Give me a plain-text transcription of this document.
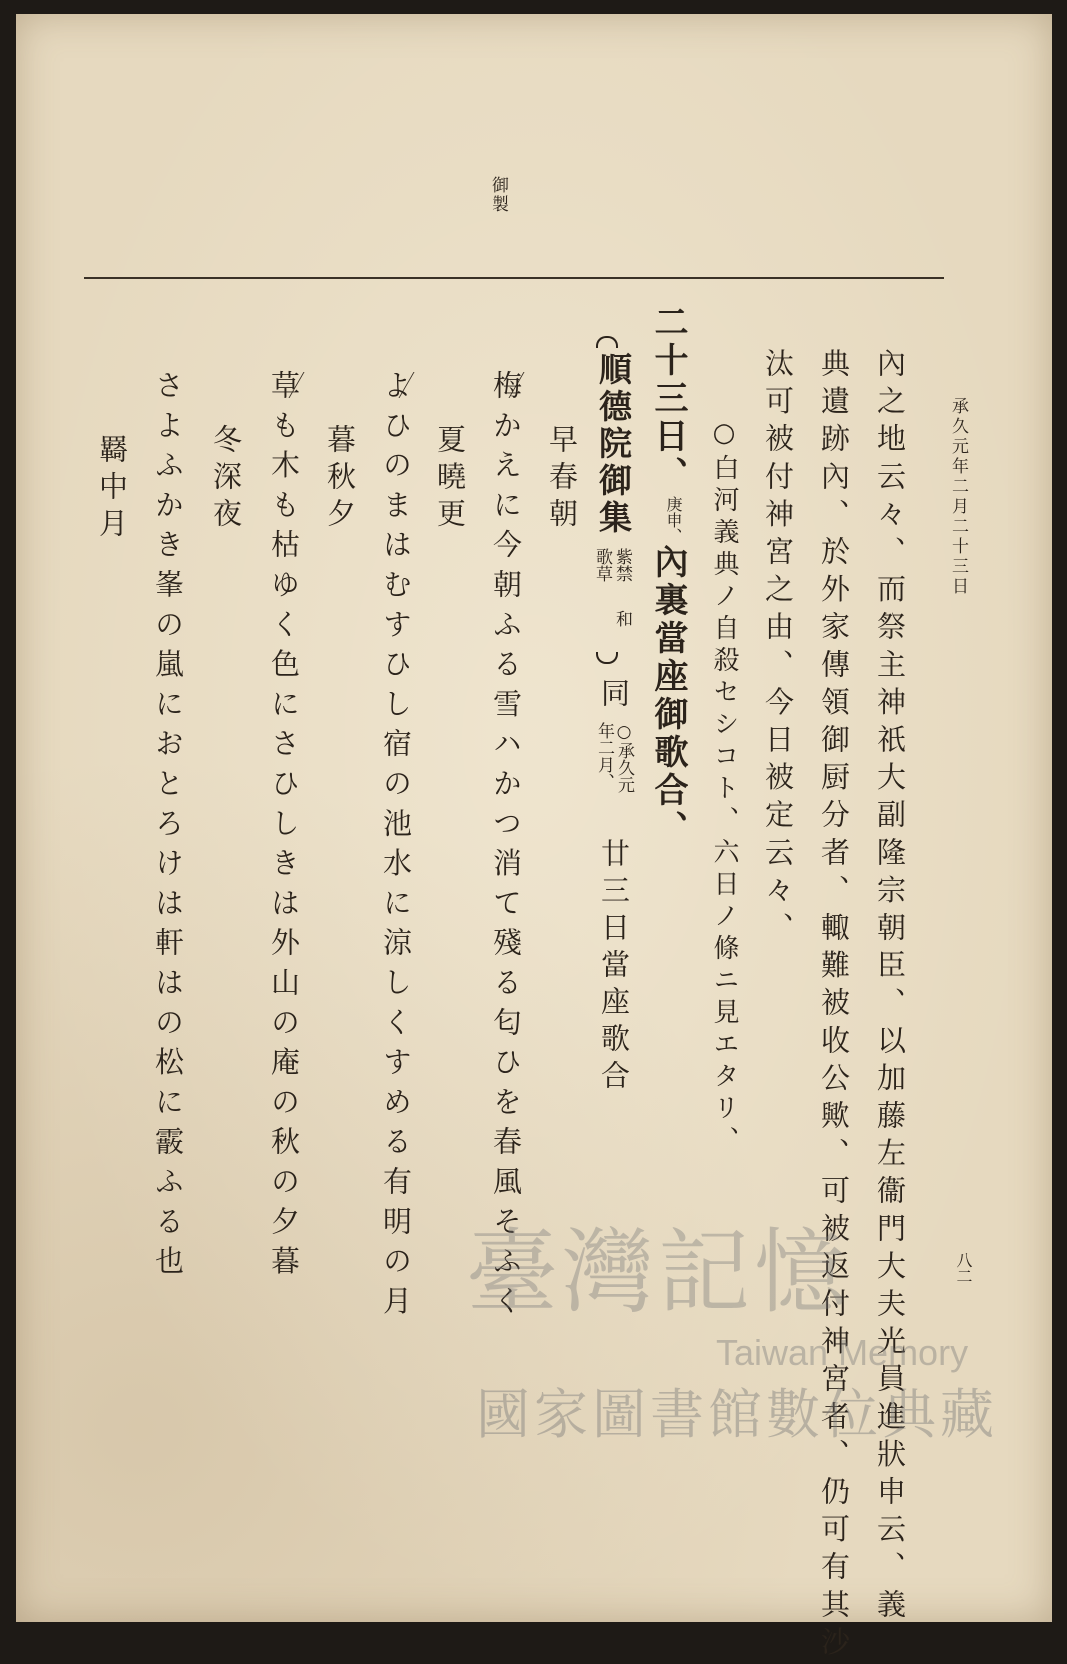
承久元年二月二十三日
八二
御製
內之地云々、而祭主神祇大副隆宗朝臣、以加藤左衞門大夫光員進狀申云、義
典遺跡內、於外家傳領御厨分者、輙難被收公歟、可被返付神宮者、仍可有其沙
汰可被付神宮之由、今日被定云々、
○白河義典ノ自殺セシコト、六日ノ條ニ見エタリ、
二十三日、
庚申、
內裏當座御歌合、
順德院御集
紫禁
歌草
和
同
○承久元
年二月、
廿三日當座歌合
早春朝
梅かえに今朝ふる雪ハかつ消て殘る匂ひを春風そふく
夏曉更
よひのまはむすひし宿の池水に涼しくすめる有明の月
暮秋夕
草も木も枯ゆく色にさひしきは外山の庵の秋の夕暮
冬深夜
さよふかき峯の嵐におとろけは軒はの松に霰ふる也
羇中月
臺灣記憶
Taiwan Memory
國家圖書館數位典藏
